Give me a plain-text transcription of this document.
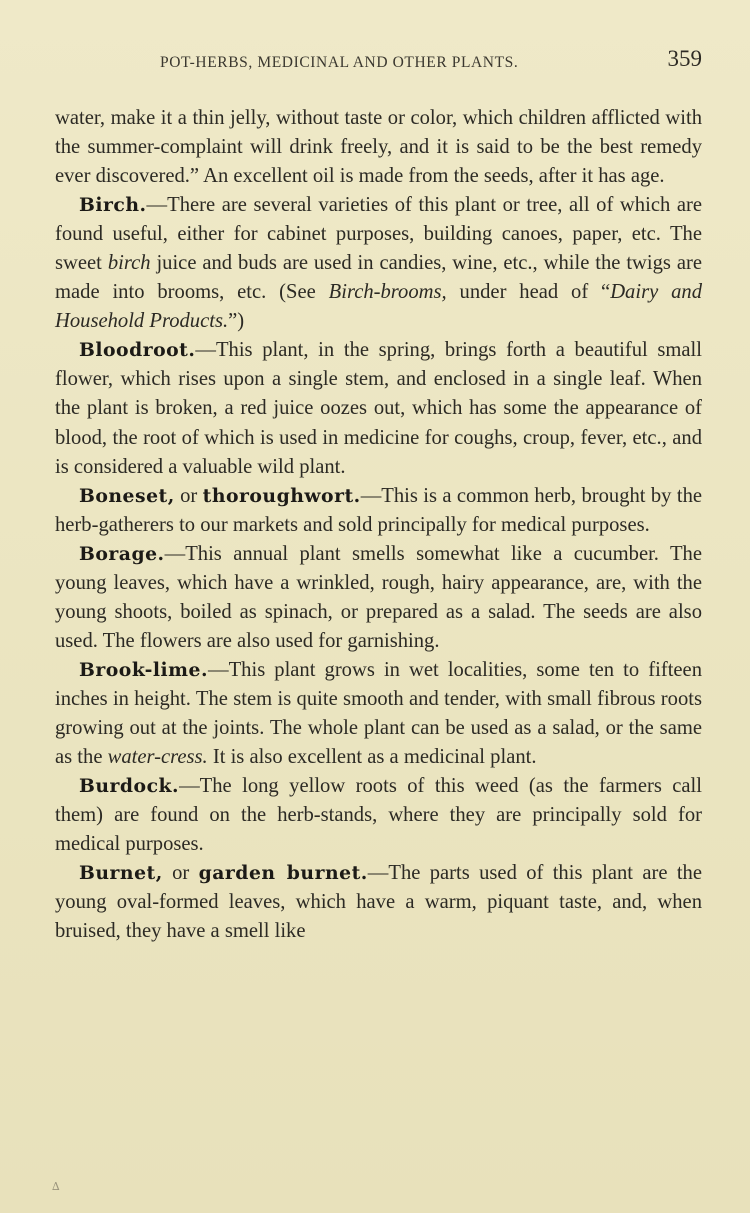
POT-HERBS, MEDICINAL AND OTHER PLANTS.	359

water, make it a thin jelly, without taste or color, which children afflicted with the summer-complaint will drink freely, and it is said to be the best remedy ever discovered.” An excellent oil is made from the seeds, after it has age.

Birch.—There are several varieties of this plant or tree, all of which are found useful, either for cabinet purposes, building canoes, paper, etc. The sweet birch juice and buds are used in candies, wine, etc., while the twigs are made into brooms, etc. (See Birch-brooms, under head of “Dairy and Household Products.”)

Bloodroot.—This plant, in the spring, brings forth a beautiful small flower, which rises upon a single stem, and enclosed in a single leaf. When the plant is broken, a red juice oozes out, which has some the appearance of blood, the root of which is used in medicine for coughs, croup, fever, etc., and is considered a valuable wild plant.

Boneset, or thoroughwort.—This is a common herb, brought by the herb-gatherers to our markets and sold principally for medical purposes.

Borage.—This annual plant smells somewhat like a cucumber. The young leaves, which have a wrinkled, rough, hairy appearance, are, with the young shoots, boiled as spinach, or prepared as a salad. The seeds are also used. The flowers are also used for garnishing.

Brook-lime.—This plant grows in wet localities, some ten to fifteen inches in height. The stem is quite smooth and tender, with small fibrous roots growing out at the joints. The whole plant can be used as a salad, or the same as the water-cress. It is also excellent as a medicinal plant.

Burdock.—The long yellow roots of this weed (as the farmers call them) are found on the herb-stands, where they are principally sold for medical purposes.

Burnet, or garden burnet.—The parts used of this plant are the young oval-formed leaves, which have a warm, piquant taste, and, when bruised, they have a smell like

∆
